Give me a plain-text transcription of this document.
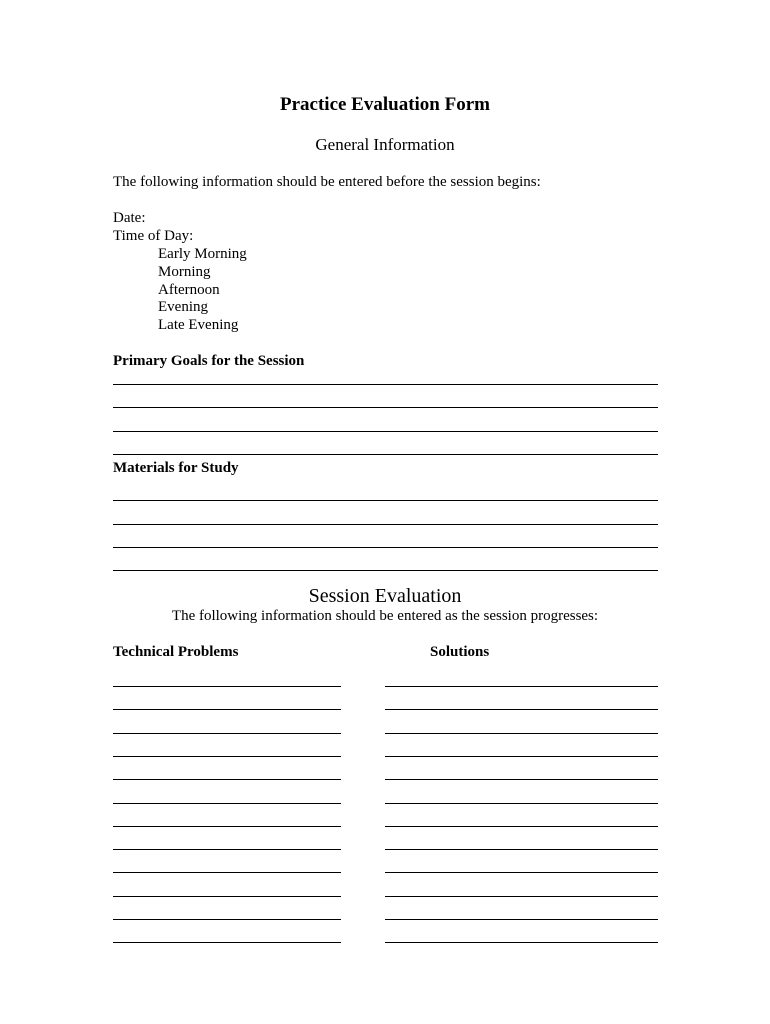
Practice Evaluation Form
General Information
The following information should be entered before the session begins:
Date:
Time of Day:
Early Morning
Morning
Afternoon
Evening
Late Evening
Primary Goals for the Session
Materials for Study
Session Evaluation
The following information should be entered as the session progresses:
Technical Problems	Solutions
